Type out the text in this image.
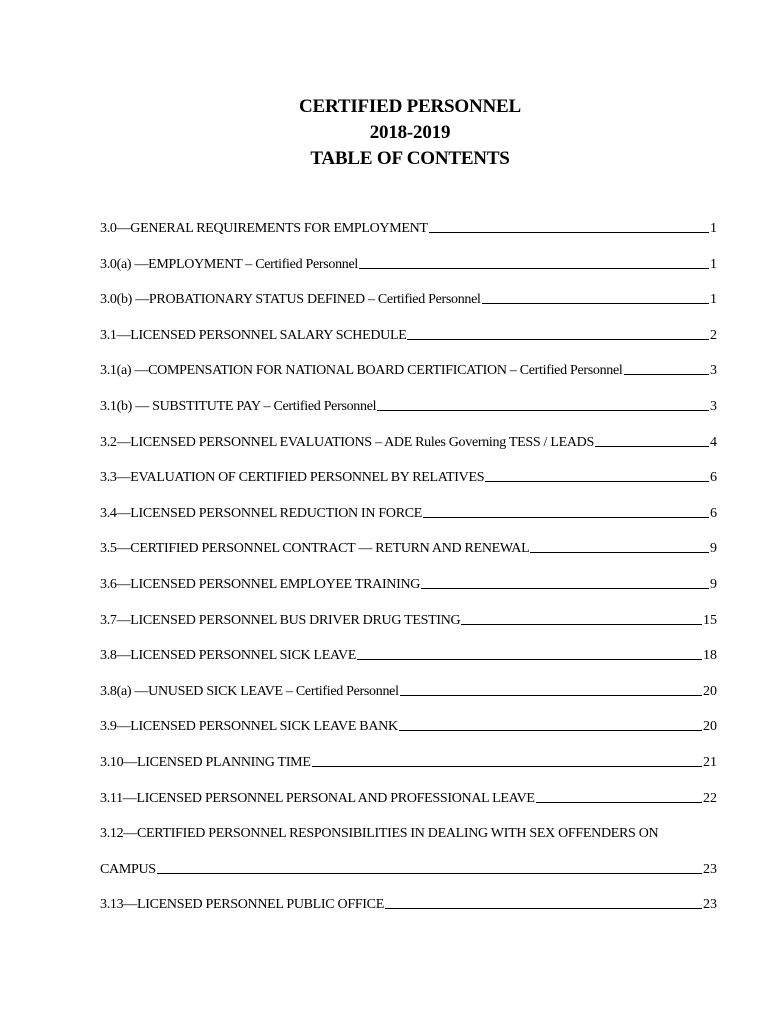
CERTIFIED PERSONNEL
2018-2019
TABLE OF CONTENTS
3.0—GENERAL REQUIREMENTS FOR EMPLOYMENT	1
3.0(a) —EMPLOYMENT – Certified Personnel	1
3.0(b) —PROBATIONARY STATUS DEFINED – Certified Personnel	1
3.1—LICENSED PERSONNEL SALARY SCHEDULE	2
3.1(a) —COMPENSATION FOR NATIONAL BOARD CERTIFICATION – Certified Personnel	3
3.1(b) — SUBSTITUTE PAY – Certified Personnel	3
3.2—LICENSED PERSONNEL EVALUATIONS – ADE Rules Governing TESS / LEADS	4
3.3—EVALUATION OF CERTIFIED PERSONNEL BY RELATIVES	6
3.4—LICENSED PERSONNEL REDUCTION IN FORCE	6
3.5—CERTIFIED PERSONNEL CONTRACT — RETURN AND RENEWAL	9
3.6—LICENSED PERSONNEL EMPLOYEE TRAINING	9
3.7—LICENSED PERSONNEL BUS DRIVER DRUG TESTING	15
3.8—LICENSED PERSONNEL SICK LEAVE	18
3.8(a) —UNUSED SICK LEAVE – Certified Personnel	20
3.9—LICENSED PERSONNEL SICK LEAVE BANK	20
3.10—LICENSED PLANNING TIME	21
3.11—LICENSED PERSONNEL PERSONAL AND PROFESSIONAL LEAVE	22
3.12—CERTIFIED PERSONNEL RESPONSIBILITIES IN DEALING WITH SEX OFFENDERS ON
CAMPUS	23
3.13—LICENSED PERSONNEL PUBLIC OFFICE	23
